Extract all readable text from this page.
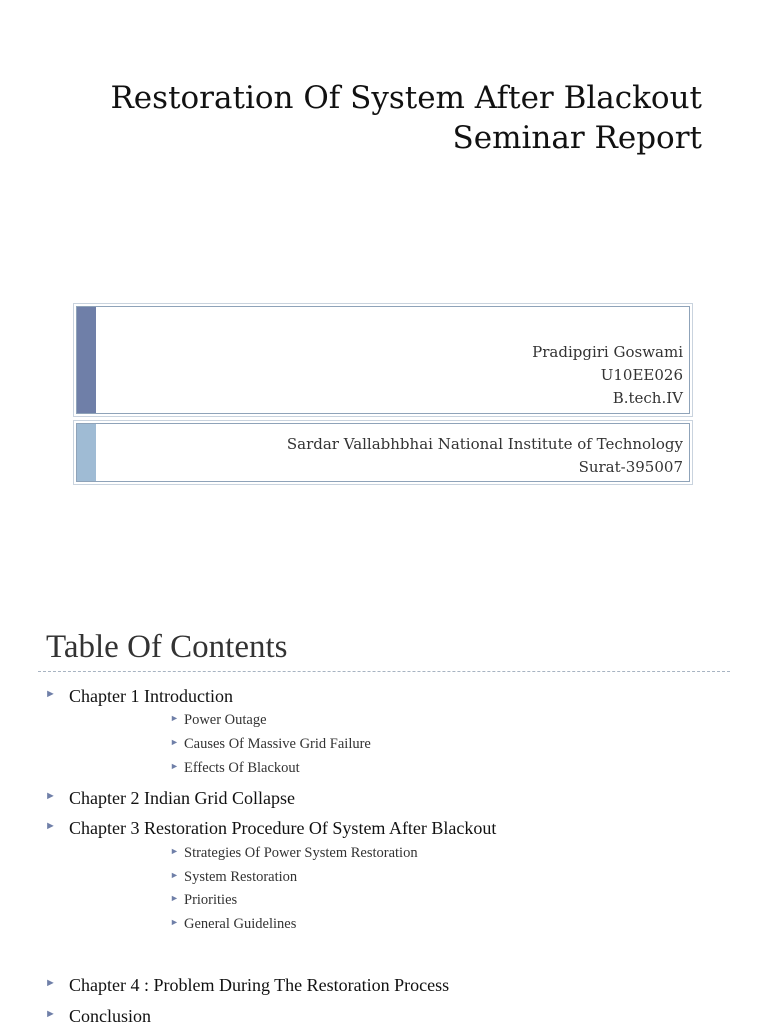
Restoration Of System After Blackout
Seminar Report
Pradipgiri Goswami
U10EE026
B.tech.IV
Sardar Vallabhbhai National Institute of Technology
Surat-395007
Table Of Contents
► Chapter 1 Introduction
► Power Outage
► Causes Of Massive Grid Failure
► Effects Of Blackout
► Chapter 2 Indian Grid Collapse
► Chapter 3 Restoration Procedure Of System After Blackout
► Strategies Of Power System Restoration
► System Restoration
► Priorities
► General Guidelines
► Chapter 4 : Problem During The Restoration Process
► Conclusion
